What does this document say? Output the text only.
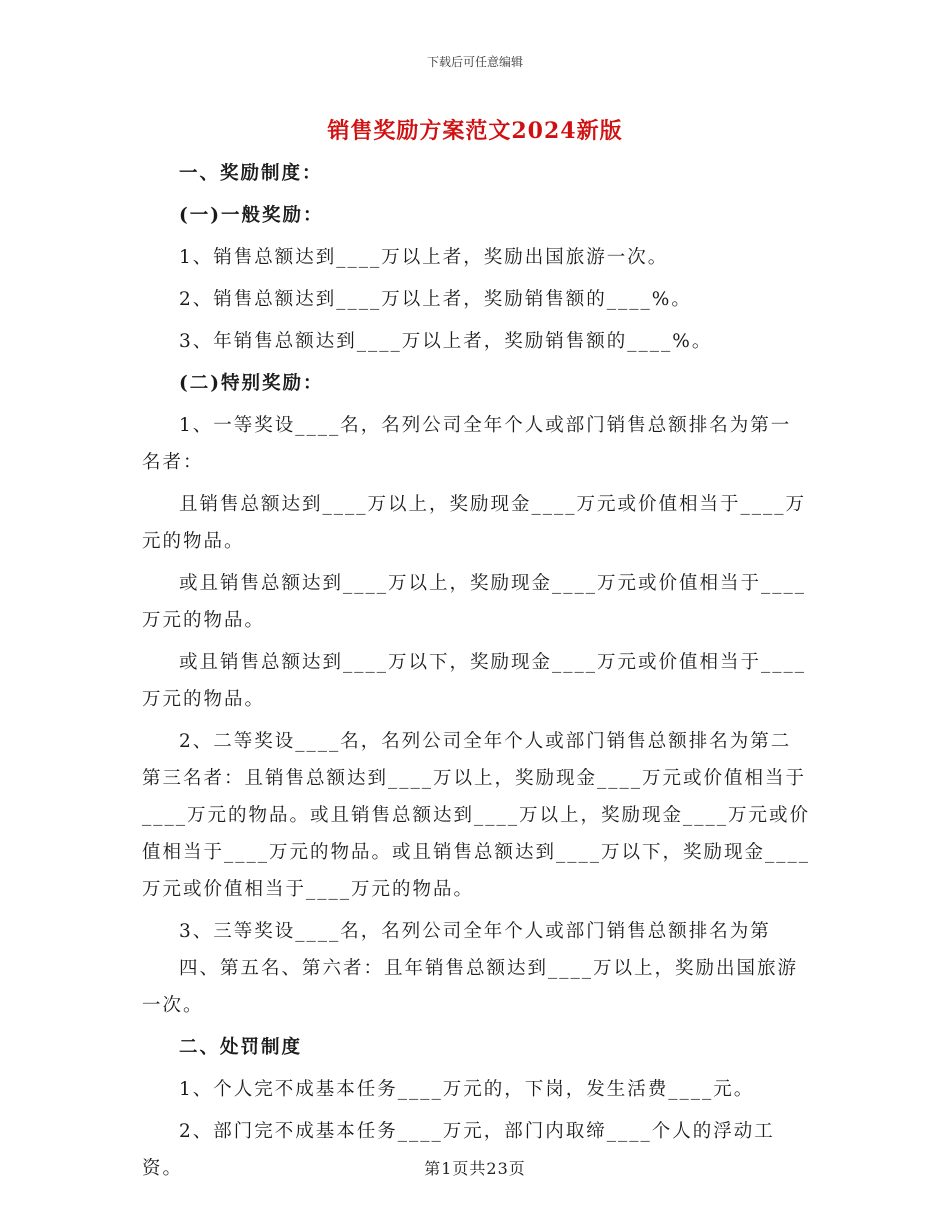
下载后可任意编辑
销售奖励方案范文2024新版

一、奖励制度：

(一)一般奖励：

1、销售总额达到____万以上者，奖励出国旅游一次。

2、销售总额达到____万以上者，奖励销售额的____%。

3、年销售总额达到____万以上者，奖励销售额的____%。

(二)特别奖励：

1、一等奖设____名，名列公司全年个人或部门销售总额排名为第一名者：

且销售总额达到____万以上，奖励现金____万元或价值相当于____万元的物品。

或且销售总额达到____万以上，奖励现金____万元或价值相当于____万元的物品。

或且销售总额达到____万以下，奖励现金____万元或价值相当于____万元的物品。

2、二等奖设____名，名列公司全年个人或部门销售总额排名为第二第三名者：且销售总额达到____万以上，奖励现金____万元或价值相当于____万元的物品。或且销售总额达到____万以上，奖励现金____万元或价值相当于____万元的物品。或且销售总额达到____万以下，奖励现金____万元或价值相当于____万元的物品。

3、三等奖设____名，名列公司全年个人或部门销售总额排名为第

四、第五名、第六者：且年销售总额达到____万以上，奖励出国旅游一次。

二、处罚制度

1、个人完不成基本任务____万元的，下岗，发生活费____元。

2、部门完不成基本任务____万元，部门内取缔____个人的浮动工资。	第1页共23页
